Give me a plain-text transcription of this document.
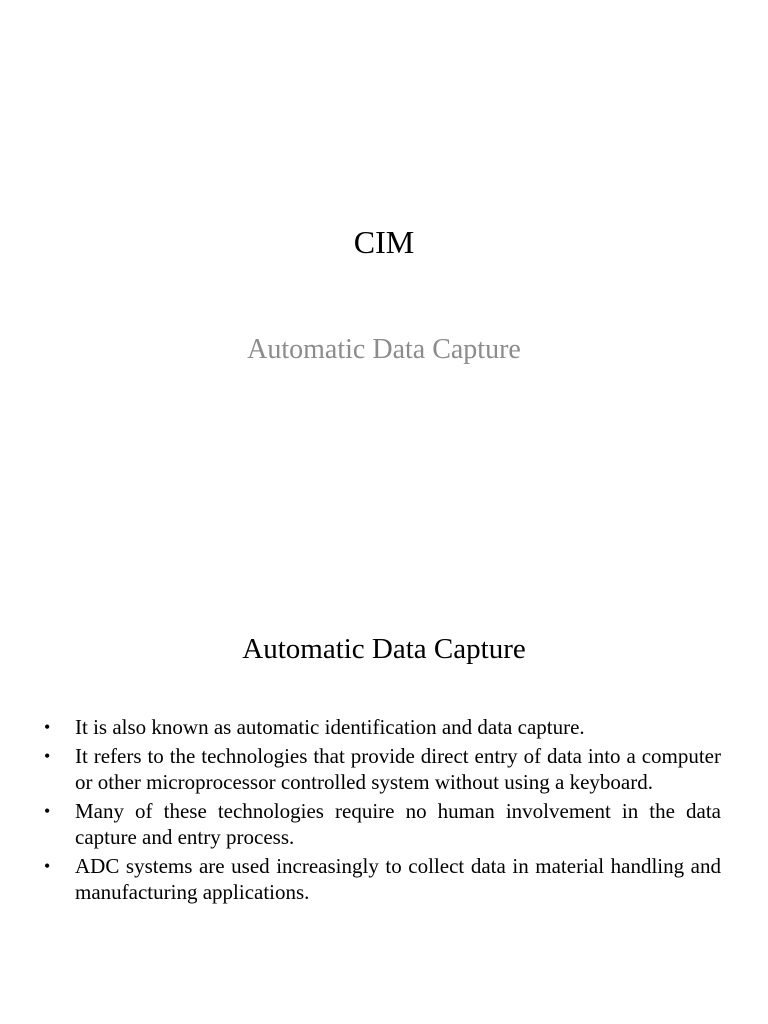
CIM
Automatic Data Capture
Automatic Data Capture
• It is also known as automatic identification and data capture.
• It refers to the technologies that provide direct entry of data into a computer or other microprocessor controlled system without using a keyboard.
• Many of these technologies require no human involvement in the data capture and entry process.
• ADC systems are used increasingly to collect data in material handling and manufacturing applications.
